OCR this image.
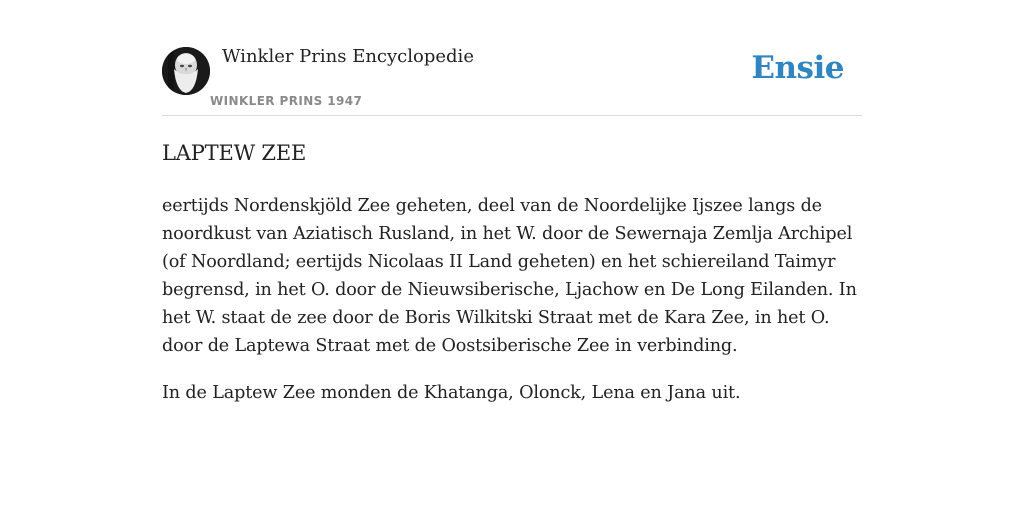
Winkler Prins Encyclopedie
WINKLER PRINS 1947
Ensie
LAPTEW ZEE

eertijds Nordenskjöld Zee geheten, deel van de Noordelijke Ijszee langs de noordkust van Aziatisch Rusland, in het W. door de Sewernaja Zemlja Archipel (of Noordland; eertijds Nicolaas II Land geheten) en het schiereiland Taimyr begrensd, in het O. door de Nieuwsiberische, Ljachow en De Long Eilanden. In het W. staat de zee door de Boris Wilkitski Straat met de Kara Zee, in het O. door de Laptewa Straat met de Oostsiberische Zee in verbinding.

In de Laptew Zee monden de Khatanga, Olonck, Lena en Jana uit.
